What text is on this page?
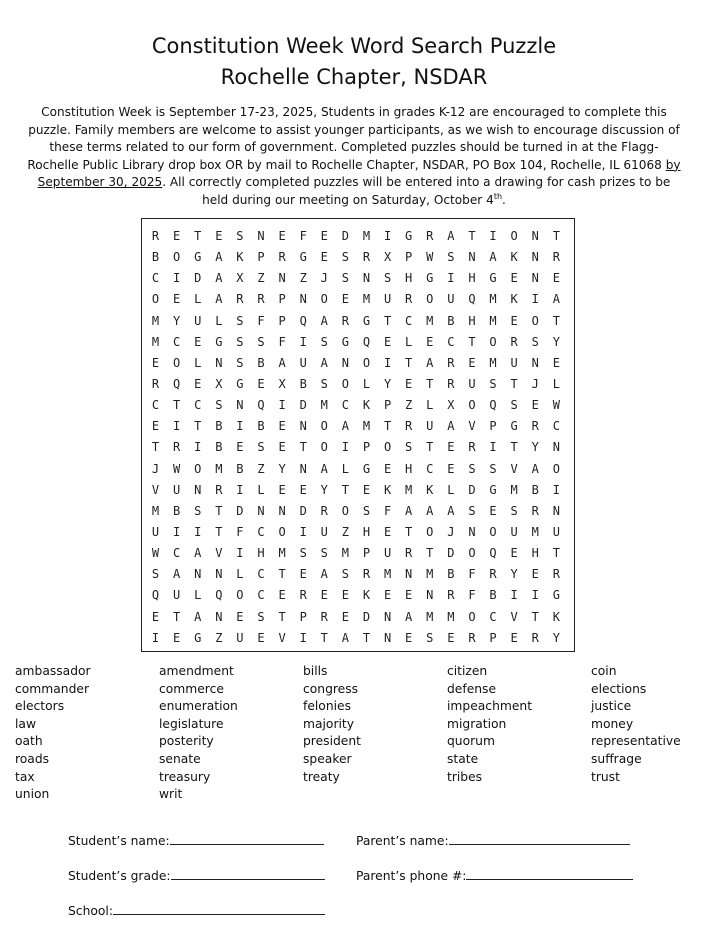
Constitution Week Word Search Puzzle
Rochelle Chapter, NSDAR
Constitution Week is September 17-23, 2025, Students in grades K-12 are encouraged to complete this puzzle. Family members are welcome to assist younger participants, as we wish to encourage discussion of these terms related to our form of government. Completed puzzles should be turned in at the Flagg-Rochelle Public Library drop box OR by mail to Rochelle Chapter, NSDAR, PO Box 104, Rochelle, IL 61068 by September 30, 2025. All correctly completed puzzles will be entered into a drawing for cash prizes to be held during our meeting on Saturday, October 4th.
R	E	T	E	S	N	E	F	E	D	M	I	G	R	A	T	I	O	N	T
B	O	G	A	K	P	R	G	E	S	R	X	P	W	S	N	A	K	N	R
C	I	D	A	X	Z	N	Z	J	S	N	S	H	G	I	H	G	E	N	E
O	E	L	A	R	R	P	N	O	E	M	U	R	O	U	Q	M	K	I	A
M	Y	U	L	S	F	P	Q	A	R	G	T	C	M	B	H	M	E	O	T
M	C	E	G	S	S	F	I	S	G	Q	E	L	E	C	T	O	R	S	Y
E	O	L	N	S	B	A	U	A	N	O	I	T	A	R	E	M	U	N	E
R	Q	E	X	G	E	X	B	S	O	L	Y	E	T	R	U	S	T	J	L
C	T	C	S	N	Q	I	D	M	C	K	P	Z	L	X	O	Q	S	E	W
E	I	T	B	I	B	E	N	O	A	M	T	R	U	A	V	P	G	R	C
T	R	I	B	E	S	E	T	O	I	P	O	S	T	E	R	I	T	Y	N
J	W	O	M	B	Z	Y	N	A	L	G	E	H	C	E	S	S	V	A	O
V	U	N	R	I	L	E	E	Y	T	E	K	M	K	L	D	G	M	B	I
M	B	S	T	D	N	N	D	R	O	S	F	A	A	A	S	E	S	R	N
U	I	I	T	F	C	O	I	U	Z	H	E	T	O	J	N	O	U	M	U
W	C	A	V	I	H	M	S	S	M	P	U	R	T	D	O	Q	E	H	T
S	A	N	N	L	C	T	E	A	S	R	M	N	M	B	F	R	Y	E	R
Q	U	L	Q	O	C	E	R	E	E	K	E	E	N	R	F	B	I	I	G
E	T	A	N	E	S	T	P	R	E	D	N	A	M	M	O	C	V	T	K
I	E	G	Z	U	E	V	I	T	A	T	N	E	S	E	R	P	E	R	Y
ambassador	amendment	bills	citizen	coin
commander	commerce	congress	defense	elections
electors	enumeration	felonies	impeachment	justice
law	legislature	majority	migration	money
oath	posterity	president	quorum	representative
roads	senate	speaker	state	suffrage
tax	treasury	treaty	tribes	trust
union	writ
Student’s name:	Parent’s name:
Student’s grade:	Parent’s phone #:
School:
